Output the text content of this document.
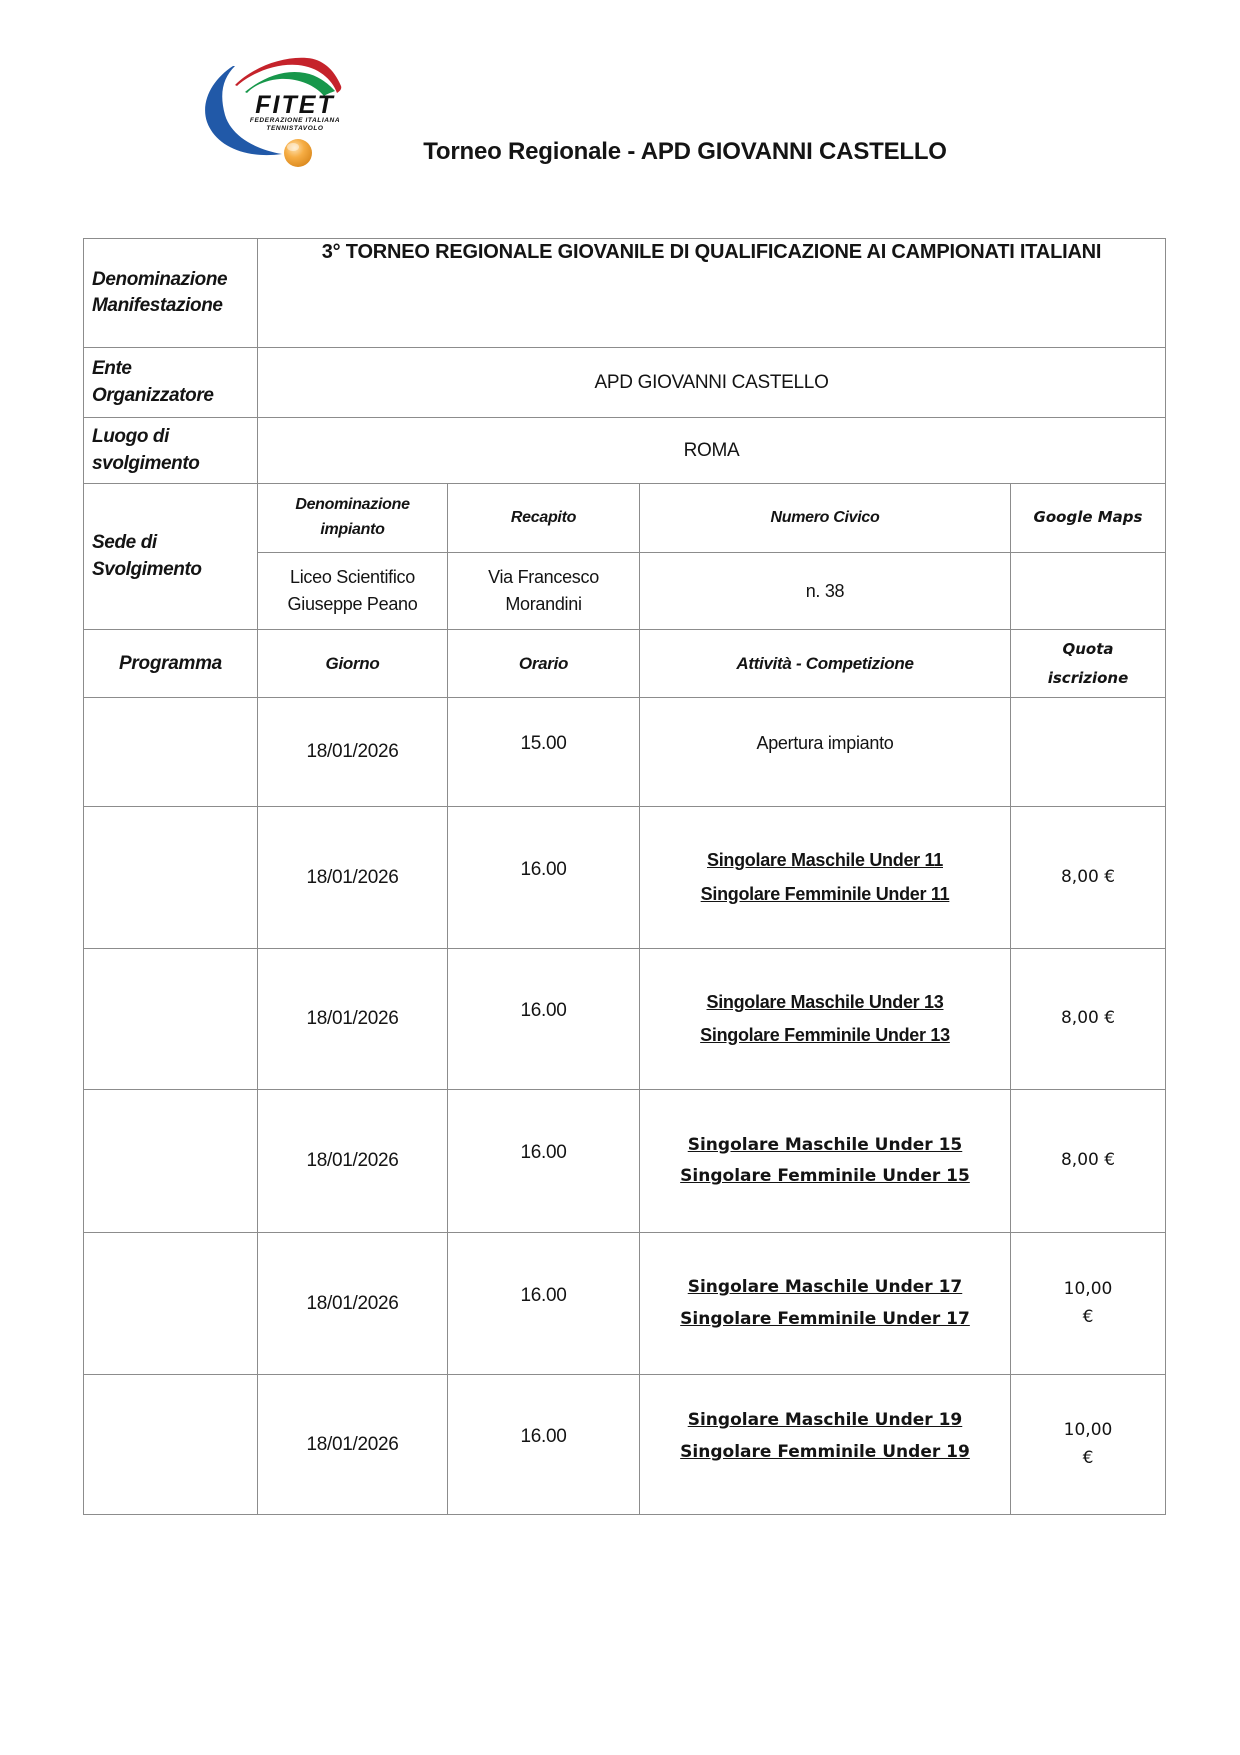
FITET
FEDERAZIONE ITALIANA
TENNISTAVOLO
Torneo Regionale - APD GIOVANNI CASTELLO
Denominazione Manifestazione	3° TORNEO REGIONALE GIOVANILE DI QUALIFICAZIONE AI CAMPIONATI ITALIANI			
Ente Organizzatore	APD GIOVANNI CASTELLO			
Luogo di svolgimento	ROMA			
Sede di Svolgimento	Denominazione impianto	Recapito	Numero Civico	Google Maps
	Liceo Scientifico Giuseppe Peano	Via Francesco Morandini	n. 38	
Programma	Giorno	Orario	Attività - Competizione	Quota
iscrizione

	18/01/2026	15.00	Apertura impianto	

	18/01/2026	16.00	Singolare Maschile Under 11
Singolare Femminile Under 11	8,00 €

	18/01/2026	16.00	Singolare Maschile Under 13
Singolare Femminile Under 13	8,00 €

	18/01/2026	16.00	Singolare Maschile Under 15
Singolare Femminile Under 15	8,00 €

	18/01/2026	16.00	Singolare Maschile Under 17
Singolare Femminile Under 17	10,00
€

	18/01/2026	16.00	Singolare Maschile Under 19
Singolare Femminile Under 19	10,00
€
